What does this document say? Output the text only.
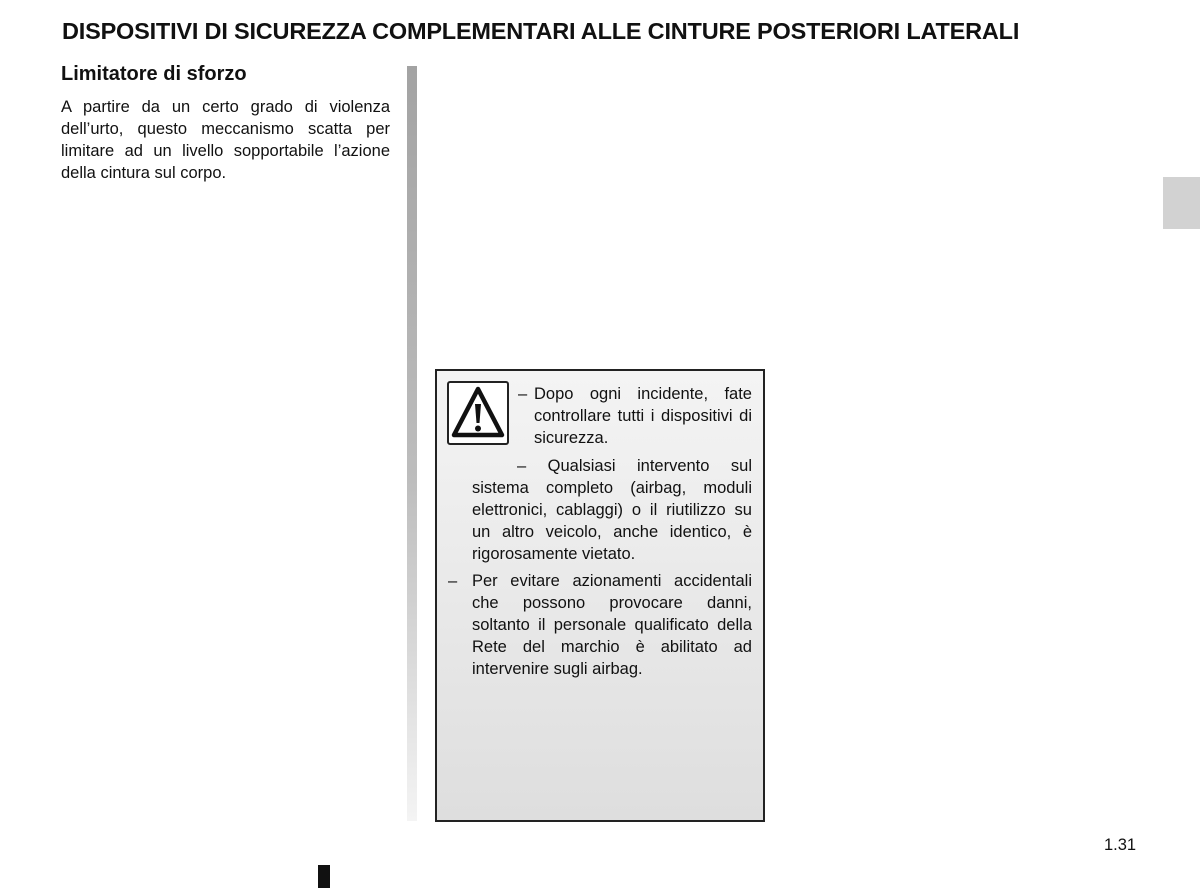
DISPOSITIVI DI SICUREZZA COMPLEMENTARI ALLE CINTURE POSTERIORI LATERALI
Limitatore di sforzo
A partire da un certo grado di violenza dell’urto, questo meccanismo scatta per limitare ad un livello sopportabile l’azione della cintura sul corpo.
– Dopo ogni incidente, fate controllare tutti i dispositivi di sicurezza.
– Qualsiasi intervento sul sistema completo (airbag, moduli elettronici, cablaggi) o il riutilizzo su un altro veicolo, anche identico, è rigorosamente vietato.
– Per evitare azionamenti accidentali che possono provocare danni, soltanto il personale qualificato della Rete del marchio è abilitato ad intervenire sugli airbag.
1.31
